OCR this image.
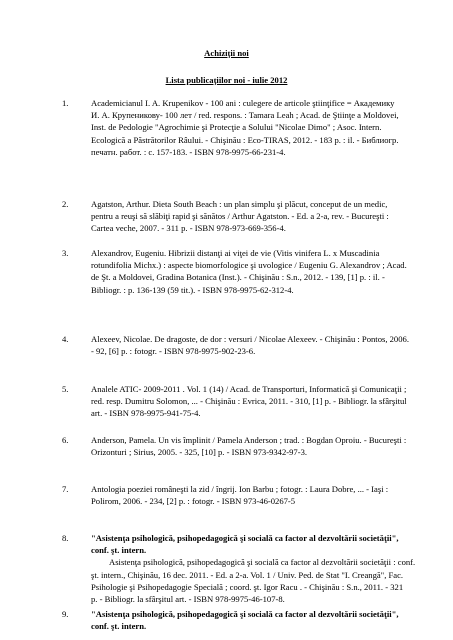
Achiziţii noi
Lista publicaţiilor noi - iulie 2012
1.	Academicianul I. A. Krupenikov - 100 ani : culegere de articole ştiinţifice = Академику
И. А. Крупеникову- 100 лет / red. respons. : Tamara Leah ; Acad. de Ştiinţe a Moldovei,
Inst. de Pedologie "Agrochimie şi Protecţie a Solului "Nicolae Dimo" ; Asoc. Intern.
Ecologică a Păstrătorilor Râului. - Chişinău : Eco-TIRAS, 2012. - 183 p. : il. - Библиогр.
печатн. работ. : c. 157-183. - ISBN 978-9975-66-231-4.
2.	Agatston, Arthur. Dieta South Beach : un plan simplu şi plăcut, conceput de un medic,
pentru a reuşi să slăbiţi rapid şi sănătos / Arthur Agatston. - Ed. a 2-a, rev. - Bucureşti :
Cartea veche, 2007. - 311 p. - ISBN 978-973-669-356-4.
3.	Alexandrov, Eugeniu. Hibrizii distanţi ai viţei de vie (Vitis vinifera L. x Muscadinia
rotundifolia Michx.) : aspecte biomorfologice şi uvologice / Eugeniu G. Alexandrov ; Acad.
de Şt. a Moldovei, Gradina Botanica (Inst.). - Chişinău : S.n., 2012. - 139, [1] p. : il. -
Bibliogr. : p. 136-139 (59 tit.). - ISBN 978-9975-62-312-4.
4.	Alexeev, Nicolae. De dragoste, de dor : versuri / Nicolae Alexeev. - Chişinău : Pontos, 2006.
- 92, [6] p. : fotogr. - ISBN 978-9975-902-23-6.
5.	Analele ATIC- 2009-2011 . Vol. 1 (14) / Acad. de Transporturi, Informatică şi Comunicaţii ;
red. resp. Dumitru Solomon, ... - Chişinău : Evrica, 2011. - 310, [1] p. - Bibliogr. la sfârşitul
art. - ISBN 978-9975-941-75-4.
6.	Anderson, Pamela. Un vis împlinit / Pamela Anderson ; trad. : Bogdan Oproiu. - Bucureşti :
Orizonturi ; Sirius, 2005. - 325, [10] p. - ISBN 973-9342-97-3.
7.	Antologia poeziei româneşti la zid / îngrij. Ion Barbu ; fotogr. : Laura Dobre, ... - Iaşi :
Polirom, 2006. - 234, [2] p. : fotogr. - ISBN 973-46-0267-5
8.	"Asistenţa psihologică, psihopedagogică şi socială ca factor al dezvoltării societăţii",
conf. şt. intern.
Asistenţa psihologică, psihopedagogică şi socială ca factor al dezvoltării societăţii : conf.
şt. intern., Chişinău, 16 dec. 2011. - Ed. a 2-a. Vol. 1 / Univ. Ped. de Stat "I. Creangă", Fac.
Psihologie şi Psihopedagogie Specială ; coord. şt. Igor Racu . - Chişinău : S.n., 2011. - 321
p. - Bibliogr. la sfârşitul art. - ISBN 978-9975-46-107-8.
9.	"Asistenţa psihologică, psihopedagogică şi socială ca factor al dezvoltării societăţii",
conf. şt. intern.
